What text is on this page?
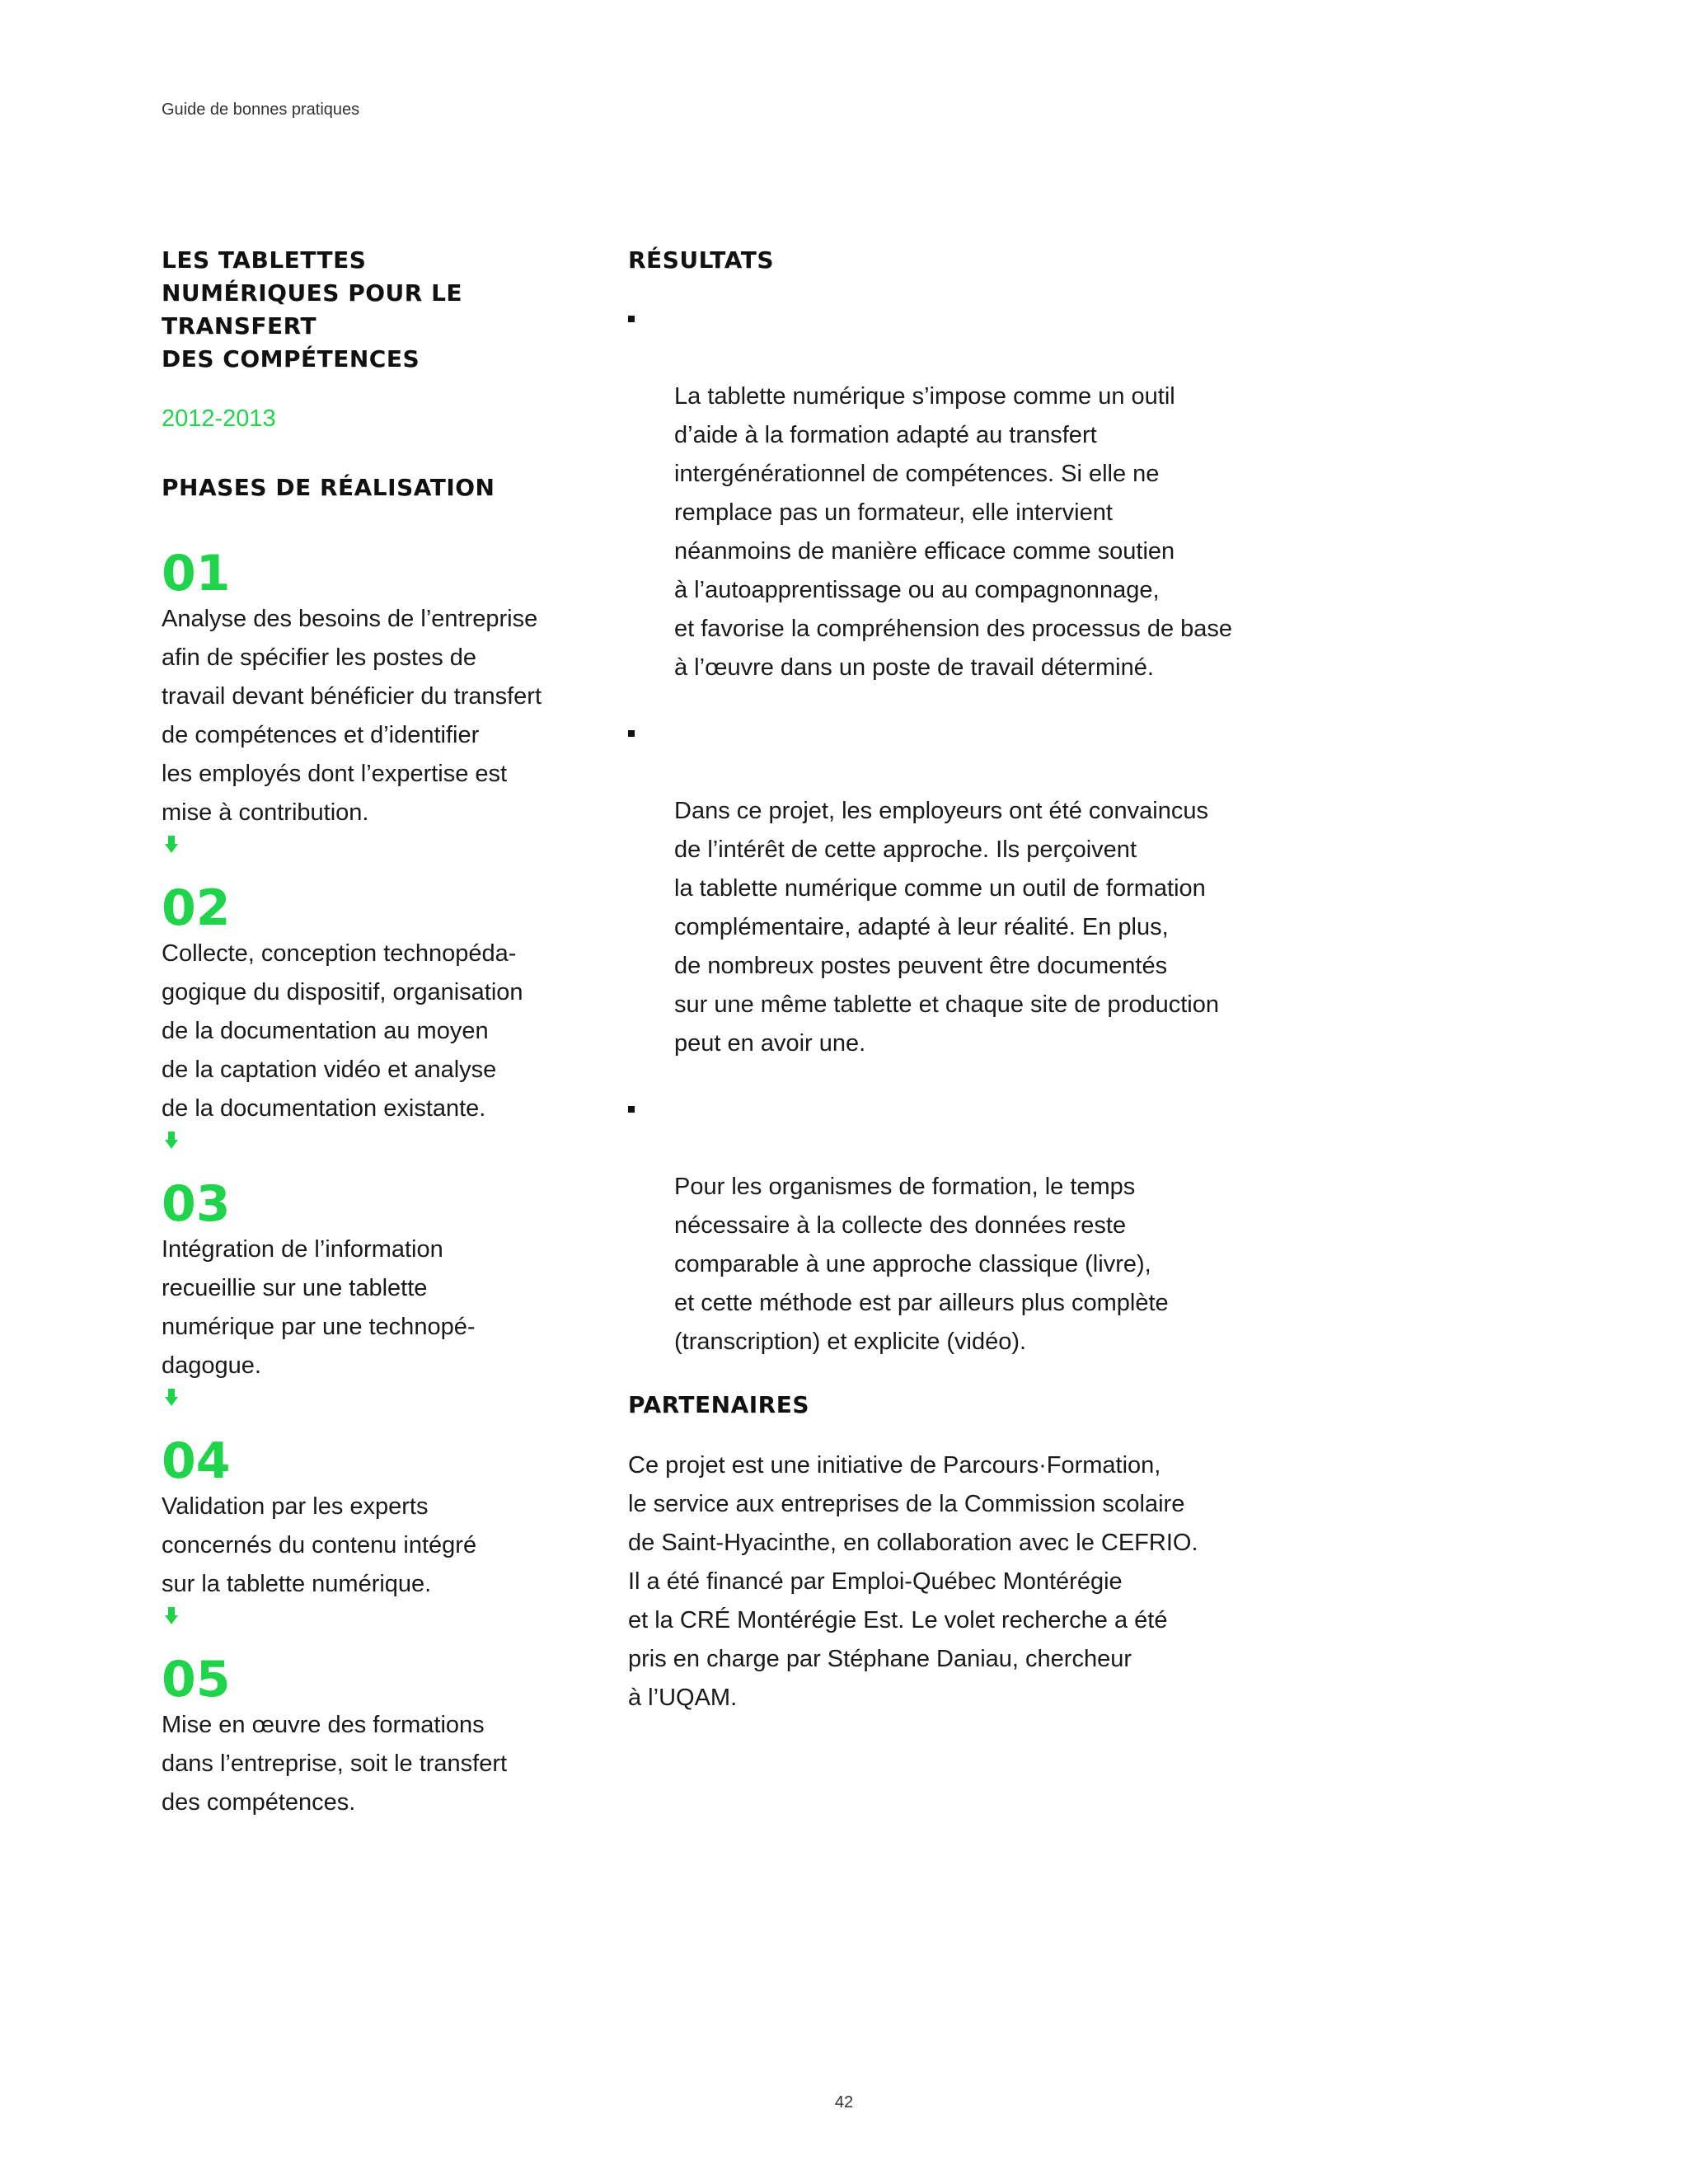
Guide de bonnes pratiques
LES TABLETTES
NUMÉRIQUES POUR LE
TRANSFERT
DES COMPÉTENCES
2012-2013
PHASES DE RÉALISATION
01
Analyse des besoins de l’entreprise
afin de spécifier les postes de
travail devant bénéficier du transfert
de compétences et d’identifier
les employés dont l’expertise est
mise à contribution.
02
Collecte, conception technopéda-
gogique du dispositif, organisation
de la documentation au moyen
de la captation vidéo et analyse
de la documentation existante.
03
Intégration de l’information
recueillie sur une tablette
numérique par une technopé-
dagogue.
04
Validation par les experts
concernés du contenu intégré
sur la tablette numérique.
05
Mise en œuvre des formations
dans l’entreprise, soit le transfert
des compétences.
RÉSULTATS

La tablette numérique s’impose comme un outil
d’aide à la formation adapté au transfert
intergénérationnel de compétences. Si elle ne
remplace pas un formateur, elle intervient
néanmoins de manière efficace comme soutien
à l’autoapprentissage ou au compagnonnage,
et favorise la compréhension des processus de base
à l’œuvre dans un poste de travail déterminé.

Dans ce projet, les employeurs ont été convaincus
de l’intérêt de cette approche. Ils perçoivent
la tablette numérique comme un outil de formation
complémentaire, adapté à leur réalité. En plus,
de nombreux postes peuvent être documentés
sur une même tablette et chaque site de production
peut en avoir une.

Pour les organismes de formation, le temps
nécessaire à la collecte des données reste
comparable à une approche classique (livre),
et cette méthode est par ailleurs plus complète
(transcription) et explicite (vidéo).

PARTENAIRES
Ce projet est une initiative de Parcours·Formation,
le service aux entreprises de la Commission scolaire
de Saint-Hyacinthe, en collaboration avec le CEFRIO.
Il a été financé par Emploi-Québec Montérégie
et la CRÉ Montérégie Est. Le volet recherche a été
pris en charge par Stéphane Daniau, chercheur
à l’UQAM.
42
